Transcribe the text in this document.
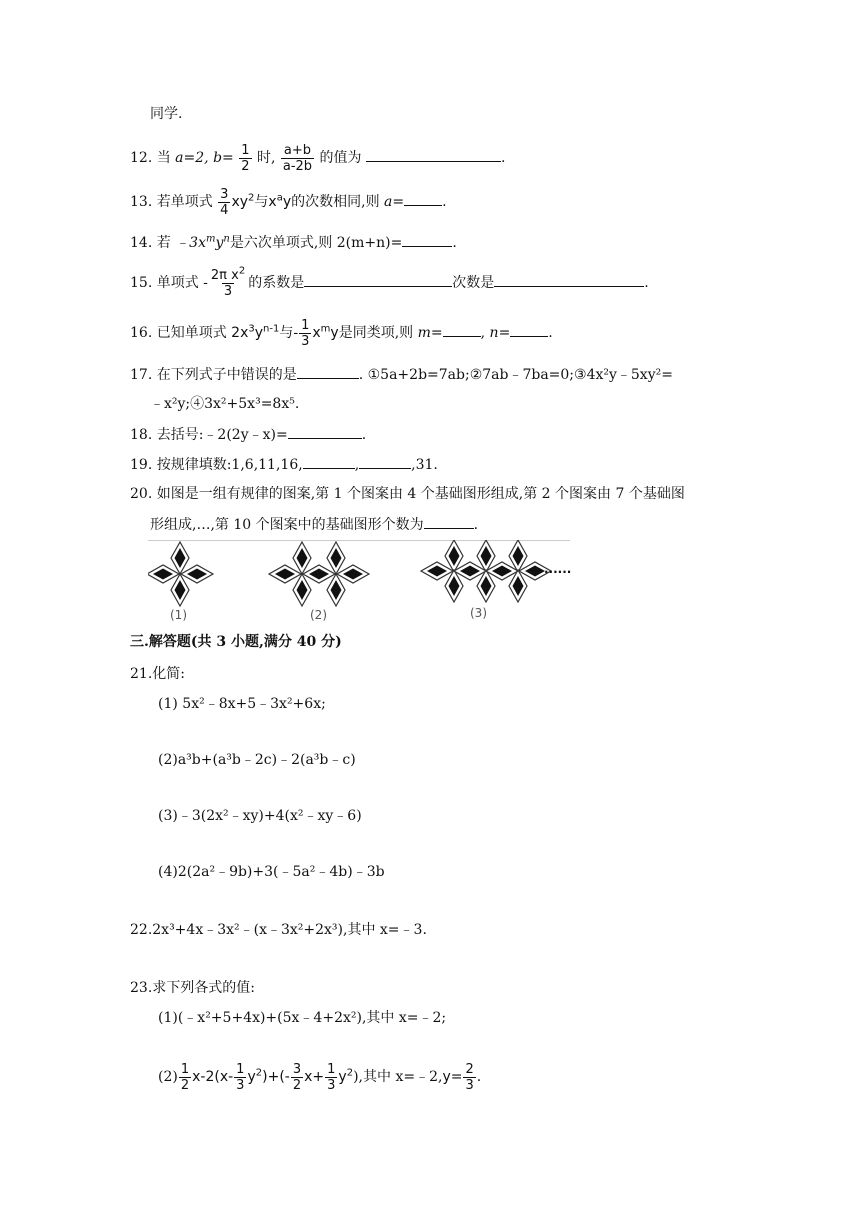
同学.
12. 当 a=2, $b= \frac{1}{2}$ 时, $\frac{a+b}{a-2b}$ 的值为	.
13. 若单项式 $\frac{3}{4} xy^2$与$x^ay$的次数相同,则 a=	.
14. 若 $﹣3x^my^n$是六次单项式,则 2(m+n)=	.
15. 单项式 - $\frac{2\pi x^2}{3}$ 的系数是	次数是	.
16. 已知单项式 $2x^3y^{n-1}$与- $\frac{1}{3} x^my$是同类项,则 m=	, n=	.
17. 在下列式子中错误的是	. ①5a+2b=7ab;②7ab﹣7ba=0;③4x²y﹣5xy²=
﹣x²y;④3x²+5x³=8x⁵.
18. 去括号:﹣2(2y﹣x)=	.
19. 按规律填数:1,6,11,16,	,	,31.
20. 如图是一组有规律的图案,第 1 个图案由 4 个基础图形组成,第 2 个图案由 7 个基础图
形组成,…,第 10 个图案中的基础图形个数为	.
(1)	(2)	(3)
......
三.解答题(共 3 小题,满分 40 分)
21.化简:
(1) 5x²﹣8x+5﹣3x²+6x;
(2)a³b+(a³b﹣2c)﹣2(a³b﹣c)
(3)﹣3(2x²﹣xy)+4(x²﹣xy﹣6)
(4)2(2a²﹣9b)+3(﹣5a²﹣4b)﹣3b
22.2x³+4x﹣3x²﹣(x﹣3x²+2x³),其中 x=﹣3.
23.求下列各式的值:
(1)(﹣x²+5+4x)+(5x﹣4+2x²),其中 x=﹣2;
$(2) \frac{1}{2} x-2(x- \frac{1}{3} y^2)+(- \frac{3}{2} x+ \frac{1}{3} y^2)$,其中 x=﹣2,y= $\frac{2}{3}$ .
